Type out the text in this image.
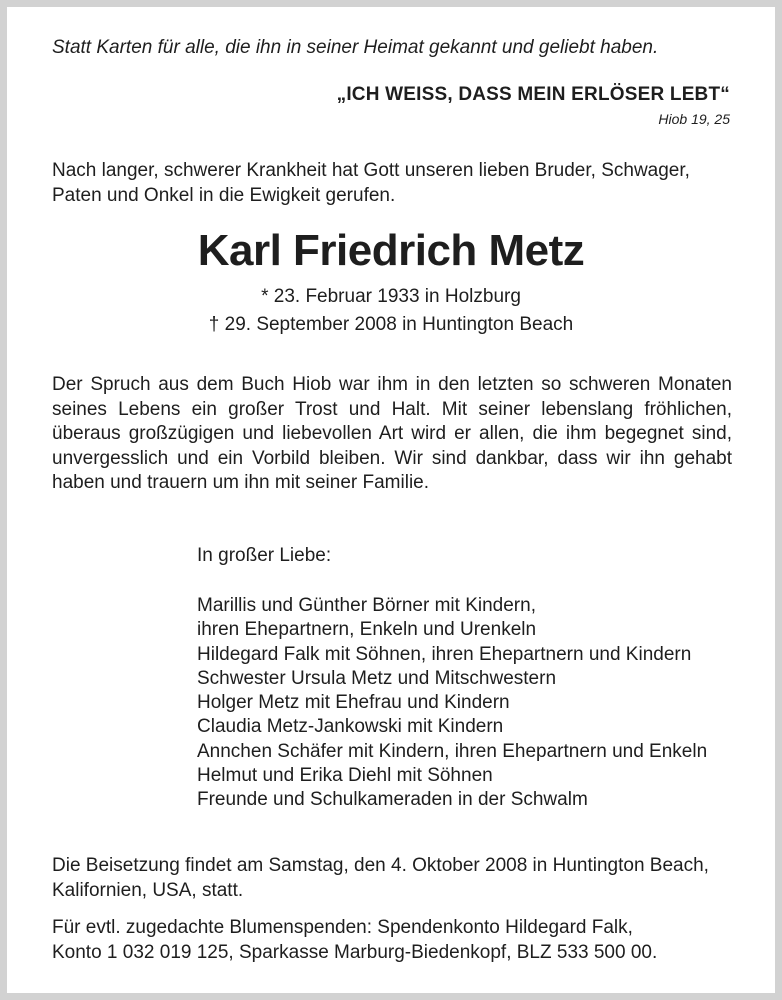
Statt Karten für alle, die ihn in seiner Heimat gekannt und geliebt haben.
„ICH WEISS, DASS MEIN ERLÖSER LEBT“
Hiob 19, 25
Nach langer, schwerer Krankheit hat Gott unseren lieben Bruder, Schwager,
Paten und Onkel in die Ewigkeit gerufen.
Karl Friedrich Metz
* 23. Februar 1933 in Holzburg
† 29. September 2008 in Huntington Beach
Der Spruch aus dem Buch Hiob war ihm in den letzten so schweren Monaten
seines Lebens ein großer Trost und Halt. Mit seiner lebenslang fröhlichen,
überaus großzügigen und liebevollen Art wird er allen, die ihm begegnet sind,
unvergesslich und ein Vorbild bleiben. Wir sind dankbar, dass wir ihn gehabt
haben und trauern um ihn mit seiner Familie.
In großer Liebe:
Marillis und Günther Börner mit Kindern,
ihren Ehepartnern, Enkeln und Urenkeln
Hildegard Falk mit Söhnen, ihren Ehepartnern und Kindern
Schwester Ursula Metz und Mitschwestern
Holger Metz mit Ehefrau und Kindern
Claudia Metz-Jankowski mit Kindern
Annchen Schäfer mit Kindern, ihren Ehepartnern und Enkeln
Helmut und Erika Diehl mit Söhnen
Freunde und Schulkameraden in der Schwalm
Die Beisetzung findet am Samstag, den 4. Oktober 2008 in Huntington Beach,
Kalifornien, USA, statt.
Für evtl. zugedachte Blumenspenden: Spendenkonto Hildegard Falk,
Konto 1 032 019 125, Sparkasse Marburg-Biedenkopf, BLZ 533 500 00.
